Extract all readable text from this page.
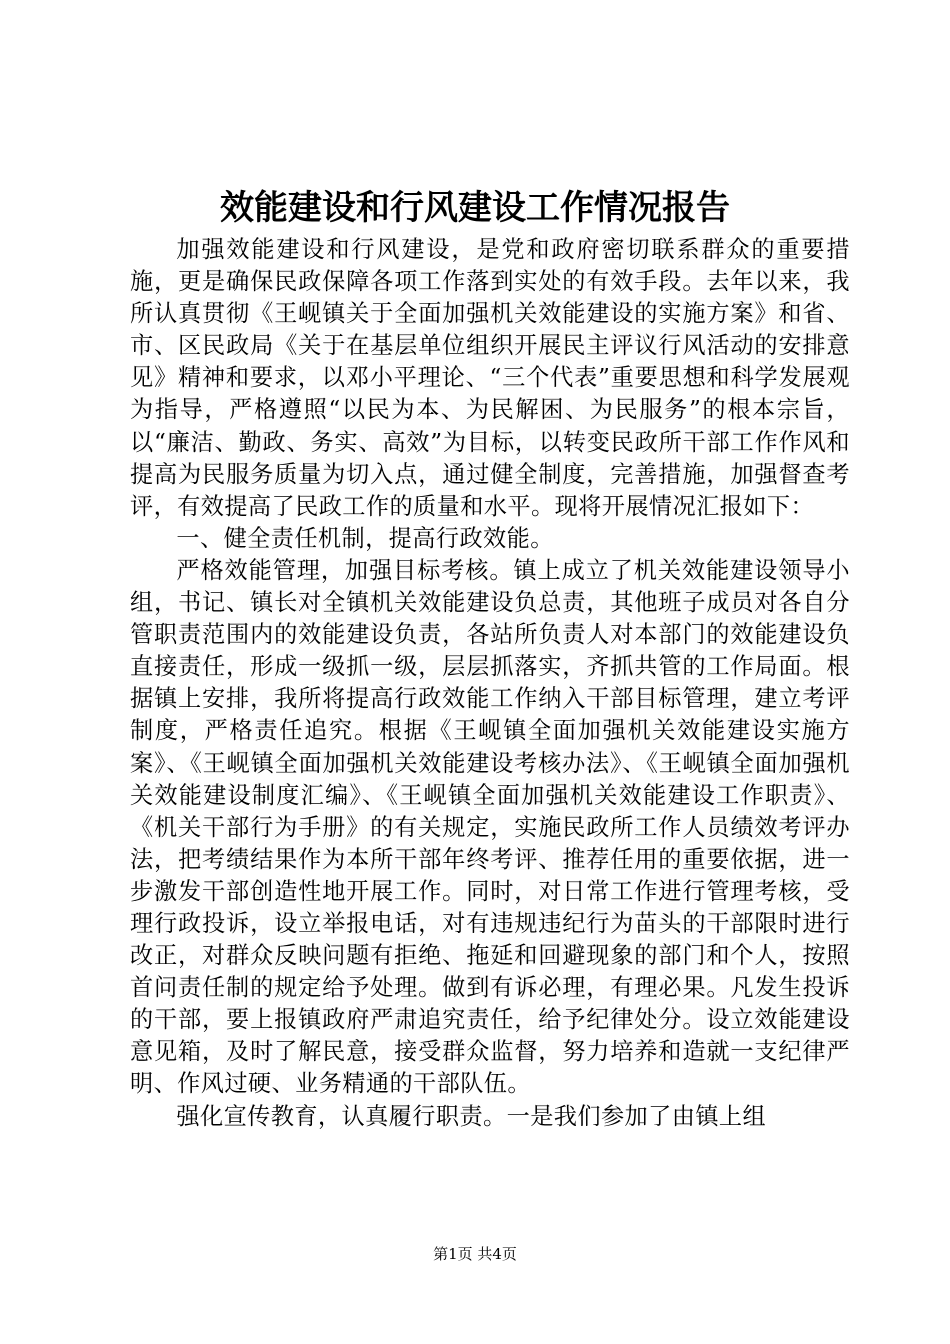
效能建设和行风建设工作情况报告

加强效能建设和行风建设，是党和政府密切联系群众的重要措施，更是确保民政保障各项工作落到实处的有效手段。去年以来，我所认真贯彻《王岘镇关于全面加强机关效能建设的实施方案》和省、市、区民政局《关于在基层单位组织开展民主评议行风活动的安排意见》精神和要求，以邓小平理论、“三个代表”重要思想和科学发展观为指导，严格遵照“以民为本、为民解困、为民服务”的根本宗旨，以“廉洁、勤政、务实、高效”为目标，以转变民政所干部工作作风和提高为民服务质量为切入点，通过健全制度，完善措施，加强督查考评，有效提高了民政工作的质量和水平。现将开展情况汇报如下：

一、健全责任机制，提高行政效能。

严格效能管理，加强目标考核。镇上成立了机关效能建设领导小组，书记、镇长对全镇机关效能建设负总责，其他班子成员对各自分管职责范围内的效能建设负责，各站所负责人对本部门的效能建设负直接责任，形成一级抓一级，层层抓落实，齐抓共管的工作局面。根据镇上安排，我所将提高行政效能工作纳入干部目标管理，建立考评制度，严格责任追究。根据《王岘镇全面加强机关效能建设实施方案》、《王岘镇全面加强机关效能建设考核办法》、《王岘镇全面加强机关效能建设制度汇编》、《王岘镇全面加强机关效能建设工作职责》、《机关干部行为手册》的有关规定，实施民政所工作人员绩效考评办法，把考绩结果作为本所干部年终考评、推荐任用的重要依据，进一步激发干部创造性地开展工作。同时，对日常工作进行管理考核，受理行政投诉，设立举报电话，对有违规违纪行为苗头的干部限时进行改正，对群众反映问题有拒绝、拖延和回避现象的部门和个人，按照首问责任制的规定给予处理。做到有诉必理，有理必果。凡发生投诉的干部，要上报镇政府严肃追究责任，给予纪律处分。设立效能建设意见箱，及时了解民意，接受群众监督，努力培养和造就一支纪律严明、作风过硬、业务精通的干部队伍。

强化宣传教育，认真履行职责。一是我们参加了由镇上组

第1页 共4页
